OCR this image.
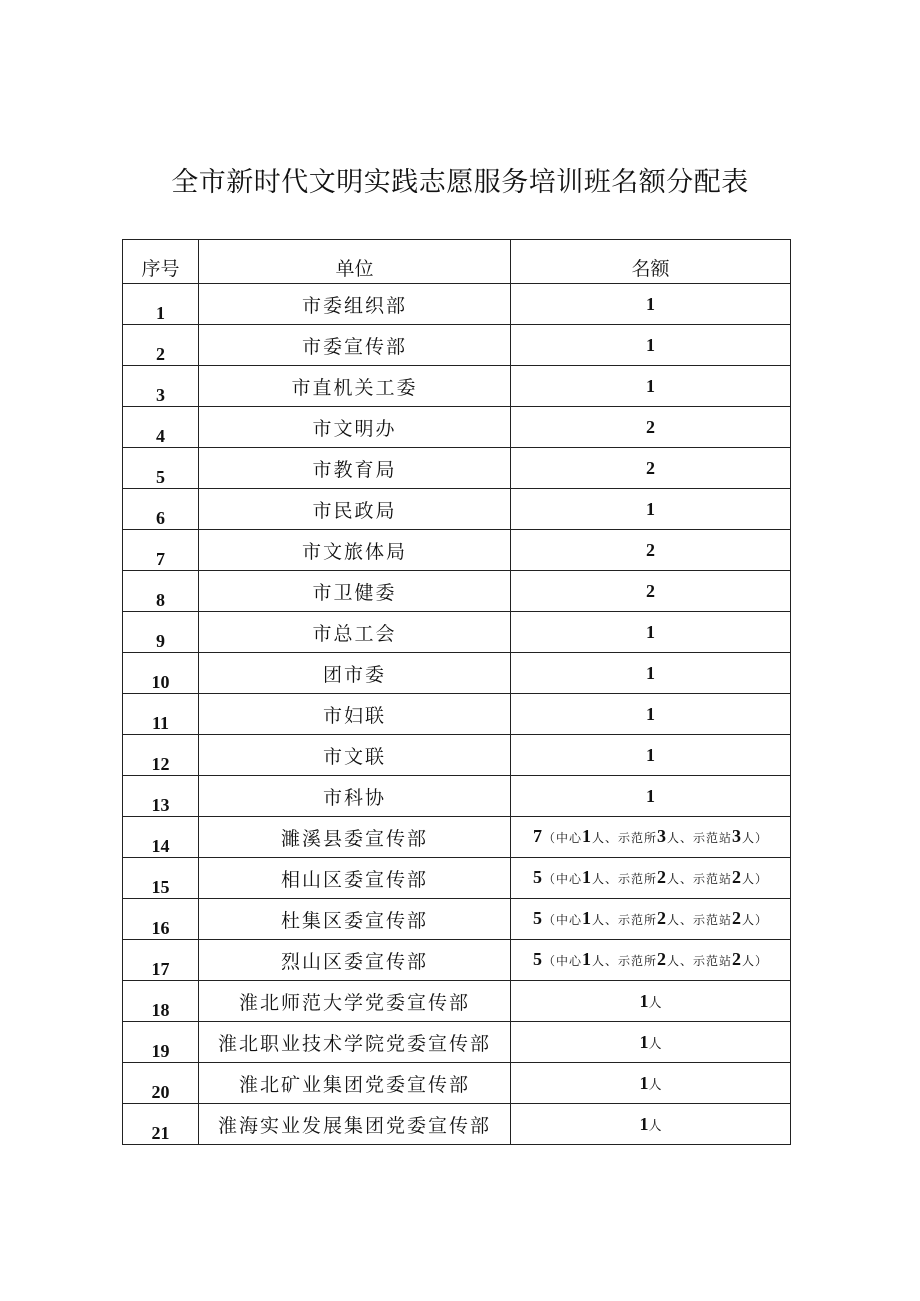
全市新时代文明实践志愿服务培训班名额分配表
序号	单位	名额
1	市委组织部	1
2	市委宣传部	1
3	市直机关工委	1
4	市文明办	2
5	市教育局	2
6	市民政局	1
7	市文旅体局	2
8	市卫健委	2
9	市总工会	1
10	团市委	1
11	市妇联	1
12	市文联	1
13	市科协	1
14	濉溪县委宣传部	7（中心1人、示范所3人、示范站3人）

15	相山区委宣传部	5（中心1人、示范所2人、示范站2人）

16	杜集区委宣传部	5（中心1人、示范所2人、示范站2人）

17	烈山区委宣传部	5（中心1人、示范所2人、示范站2人）

18	淮北师范大学党委宣传部	1人
19	淮北职业技术学院党委宣传部	1人
20	淮北矿业集团党委宣传部	1人
21	淮海实业发展集团党委宣传部	1人
